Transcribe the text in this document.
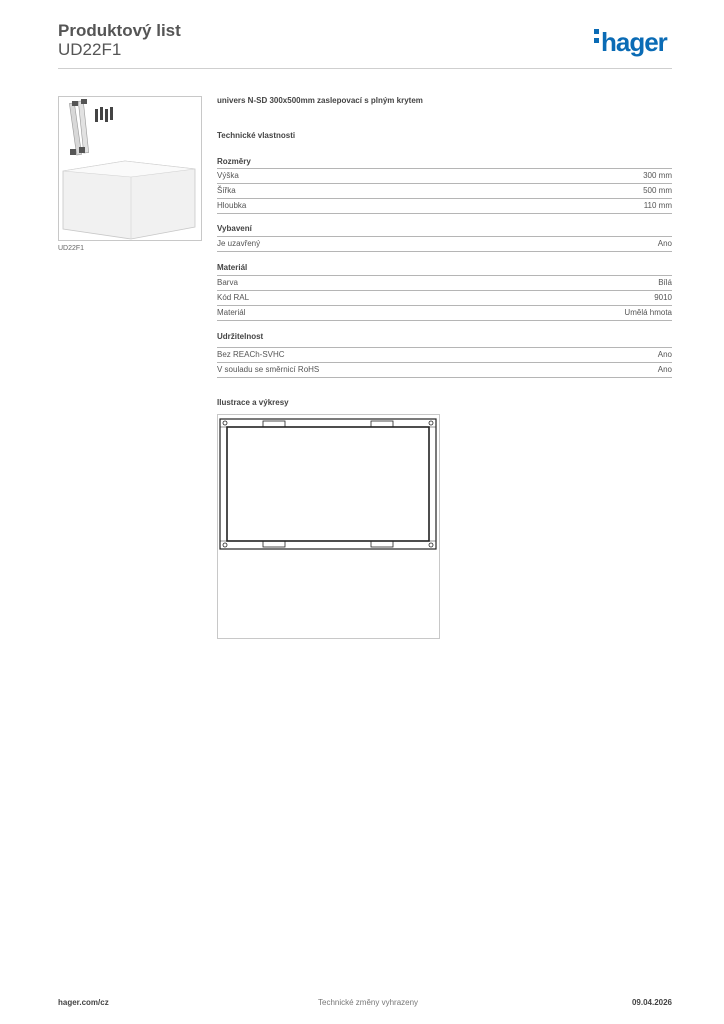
Produktový list
UD22F1	hager
UD22F1
univers N-SD 300x500mm zaslepovací s plným krytem
Technické vlastnosti
Rozměry
Výška	300 mm
Šířka	500 mm
Hloubka	110 mm
Vybavení
Je uzavřený	Ano
Materiál
Barva	Bílá
Kód RAL	9010
Materiál	Umělá hmota
Udržitelnost
Bez REACh-SVHC	Ano
V souladu se směrnicí RoHS	Ano
Ilustrace a výkresy
hager.com/cz	Technické změny vyhrazeny	09.04.2026
